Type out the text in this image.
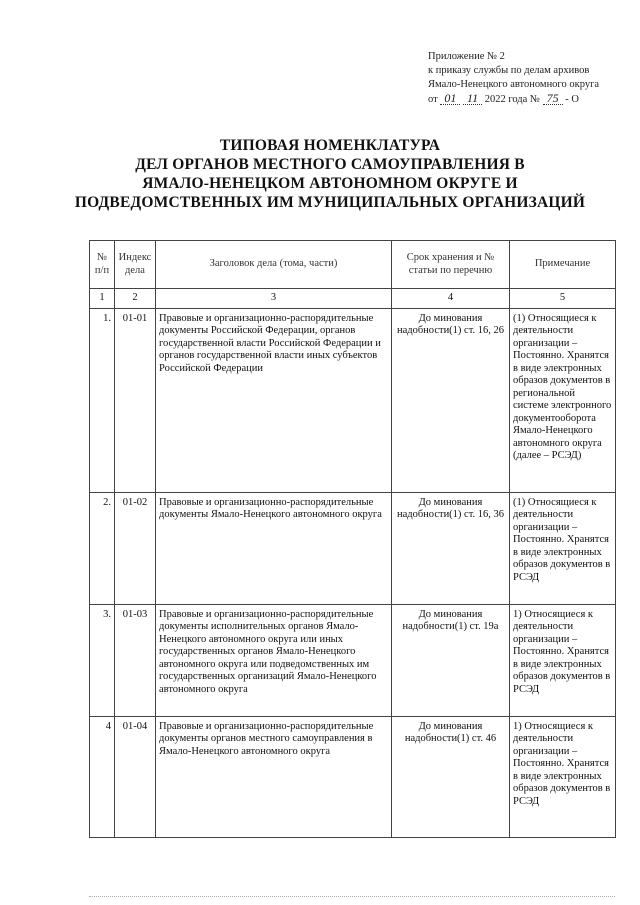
Приложение № 2
к приказу службы по делам архивов
Ямало-Ненецкого автономного округа
от 01 11 2022 года № 75 - О
ТИПОВАЯ НОМЕНКЛАТУРА
ДЕЛ ОРГАНОВ МЕСТНОГО САМОУПРАВЛЕНИЯ В
ЯМАЛО-НЕНЕЦКОМ АВТОНОМНОМ ОКРУГЕ И
ПОДВЕДОМСТВЕННЫХ ИМ МУНИЦИПАЛЬНЫХ ОРГАНИЗАЦИЙ
№ п/п	Индекс дела	Заголовок дела (тома, части)	Срок хранения и № статьи по перечню	Примечание
1	2	3	4	5
1.	01-01	Правовые и организационно-распорядительные документы Российской Федерации, органов государственной власти Российской Федерации и органов государственной власти иных субъектов Российской Федерации	До минования надобности(1) ст. 16, 26	(1) Относящиеся к деятельности организации – Постоянно. Хранятся в виде электронных образов документов в региональной системе электронного документооборота Ямало-Ненецкого автономного округа (далее – РСЭД)
2.	01-02	Правовые и организационно-распорядительные документы Ямало-Ненецкого автономного округа	До минования надобности(1) ст. 16, 36	(1) Относящиеся к деятельности организации – Постоянно. Хранятся в виде электронных образов документов в РСЭД
3.	01-03	Правовые и организационно-распорядительные документы исполнительных органов Ямало-Ненецкого автономного округа или иных государственных органов Ямало-Ненецкого автономного округа или подведомственных им государственных организаций Ямало-Ненецкого автономного округа	До минования надобности(1) ст. 19а	1) Относящиеся к деятельности организации – Постоянно. Хранятся в виде электронных образов документов в РСЭД
4	01-04	Правовые и организационно-распорядительные документы органов местного самоуправления в Ямало-Ненецкого автономного округа	До минования надобности(1) ст. 46	1) Относящиеся к деятельности организации – Постоянно. Хранятся в виде электронных образов документов в РСЭД
